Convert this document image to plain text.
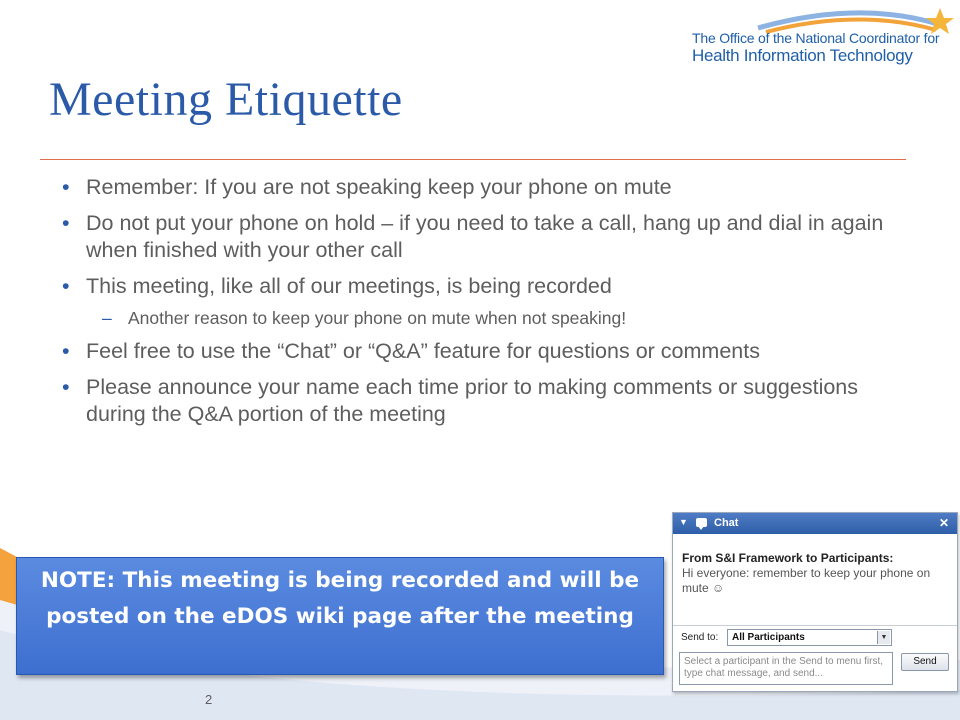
The Office of the National Coordinator for
Health Information Technology
Meeting Etiquette
• Remember: If you are not speaking keep your phone on mute
• Do not put your phone on hold – if you need to take a call, hang up and dial in again when finished with your other call
• This meeting, like all of our meetings, is being recorded
– Another reason to keep your phone on mute when not speaking!
• Feel free to use the “Chat” or “Q&A” feature for questions or comments
• Please announce your name each time prior to making comments or suggestions during the Q&A portion of the meeting
NOTE: This meeting is being recorded and will be posted on the eDOS wiki page after the meeting
2
▼ Chat	✕
From S&I Framework to Participants:
Hi everyone: remember to keep your phone on mute ☺
Send to:	All Participants	▼
Select a participant in the Send to menu first, type chat message, and send...
Send
